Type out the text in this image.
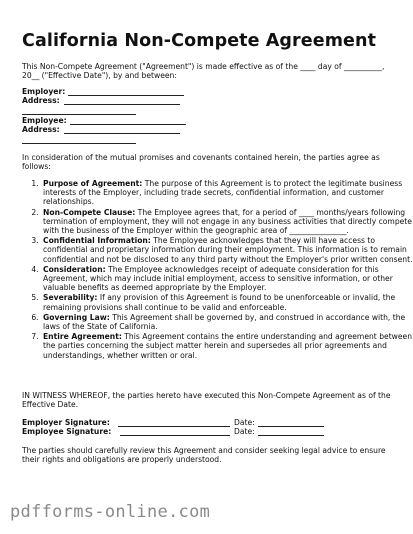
California Non-Compete Agreement
This Non-Compete Agreement ("Agreement") is made effective as of the ____ day of __________, 20__ ("Effective Date"), by and between:
Employer:
Address:
Employee:
Address:
In consideration of the mutual promises and covenants contained herein, the parties agree as follows:
1. Purpose of Agreement: The purpose of this Agreement is to protect the legitimate business interests of the Employer, including trade secrets, confidential information, and customer relationships.
2. Non-Compete Clause: The Employee agrees that, for a period of ____ months/years following termination of employment, they will not engage in any business activities that directly compete with the business of the Employer within the geographic area of _______________.
3. Confidential Information: The Employee acknowledges that they will have access to confidential and proprietary information during their employment. This information is to remain confidential and not be disclosed to any third party without the Employer's prior written consent.
4. Consideration: The Employee acknowledges receipt of adequate consideration for this Agreement, which may include initial employment, access to sensitive information, or other valuable benefits as deemed appropriate by the Employer.
5. Severability: If any provision of this Agreement is found to be unenforceable or invalid, the remaining provisions shall continue to be valid and enforceable.
6. Governing Law: This Agreement shall be governed by, and construed in accordance with, the laws of the State of California.
7. Entire Agreement: This Agreement contains the entire understanding and agreement between the parties concerning the subject matter herein and supersedes all prior agreements and understandings, whether written or oral.
IN WITNESS WHEREOF, the parties hereto have executed this Non-Compete Agreement as of the Effective Date.
Employer Signature:	Date:
Employee Signature:	Date:
The parties should carefully review this Agreement and consider seeking legal advice to ensure their rights and obligations are properly understood.
pdfforms-online.com
